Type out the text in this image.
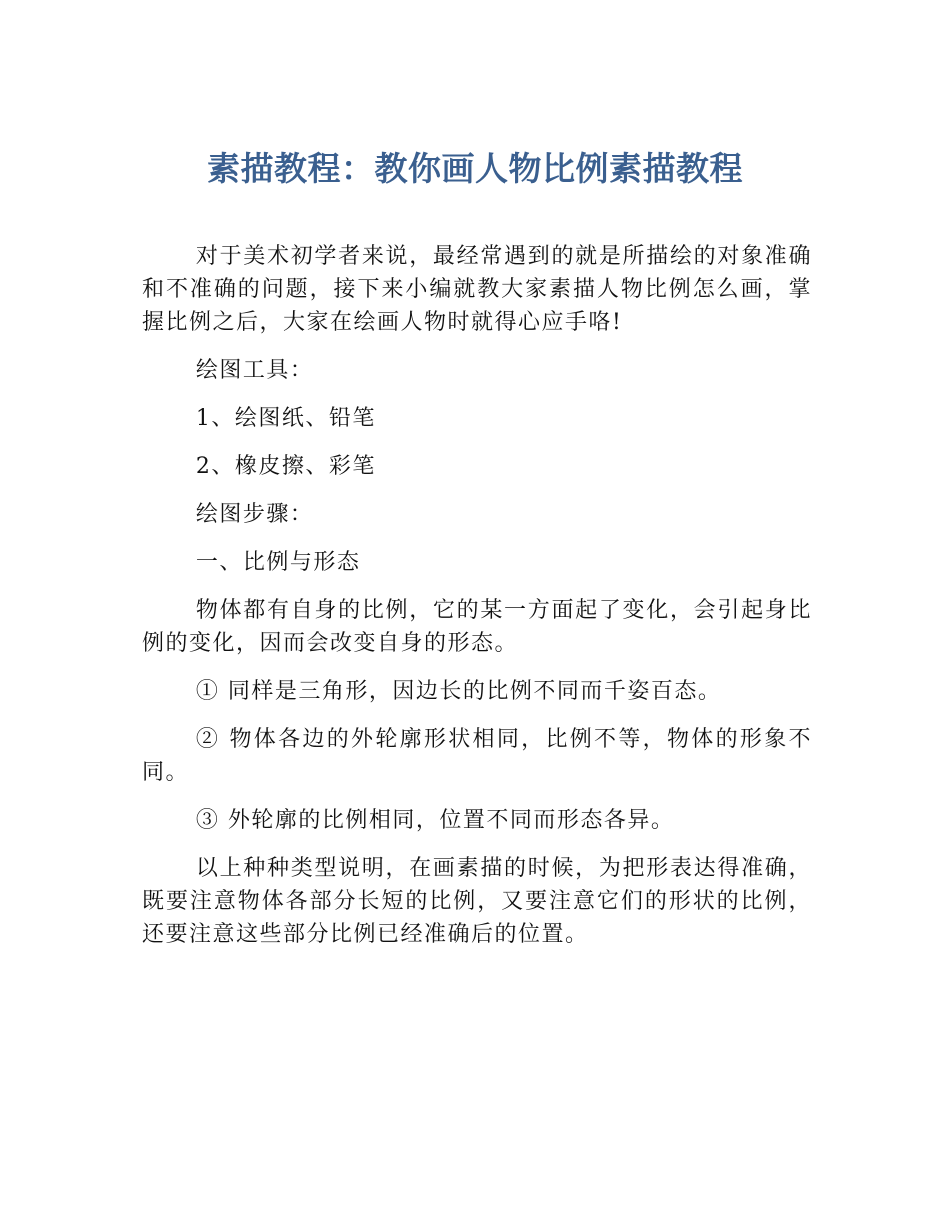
素描教程：教你画人物比例素描教程

对于美术初学者来说，最经常遇到的就是所描绘的对象准确和不准确的问题，接下来小编就教大家素描人物比例怎么画，掌握比例之后，大家在绘画人物时就得心应手咯!

绘图工具：

1、绘图纸、铅笔

2、橡皮擦、彩笔

绘图步骤：

一、比例与形态

物体都有自身的比例，它的某一方面起了变化，会引起身比例的变化，因而会改变自身的形态。

① 同样是三角形，因边长的比例不同而千姿百态。

② 物体各边的外轮廓形状相同，比例不等，物体的形象不同。

③ 外轮廓的比例相同，位置不同而形态各异。

以上种种类型说明，在画素描的时候，为把形表达得准确，既要注意物体各部分长短的比例，又要注意它们的形状的比例，还要注意这些部分比例已经准确后的位置。
